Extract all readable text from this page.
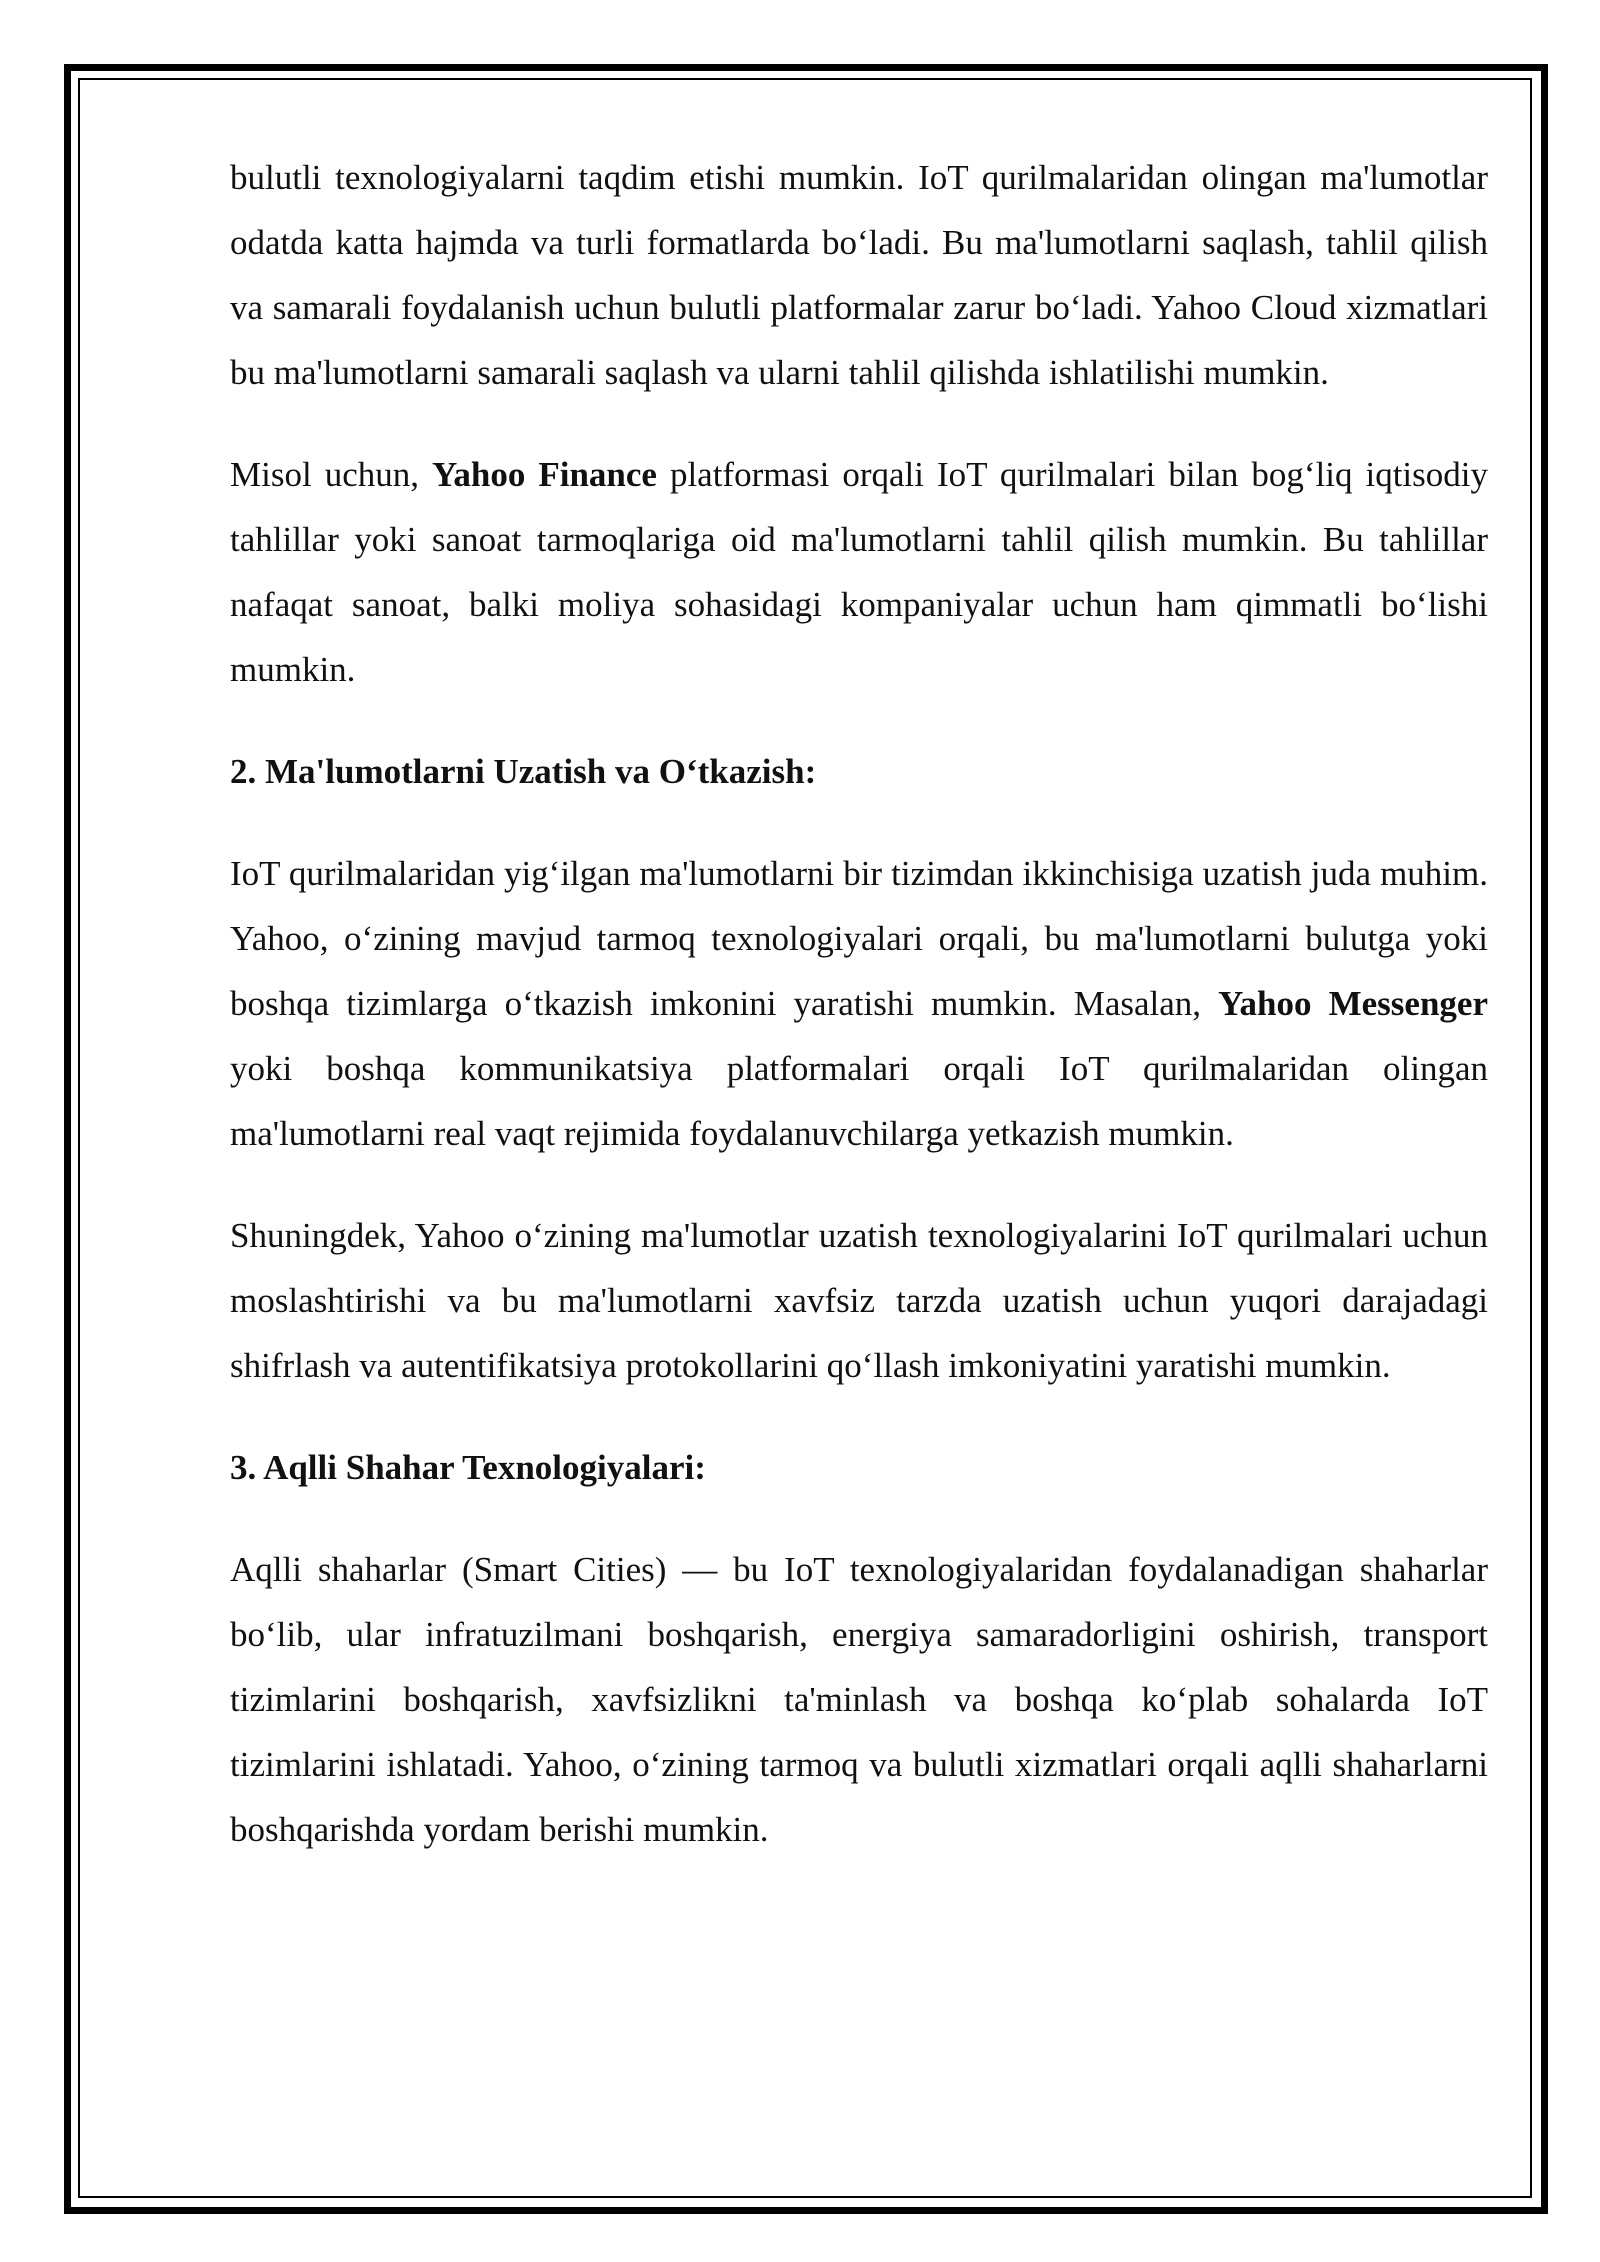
bulutli texnologiyalarni taqdim etishi mumkin. IoT qurilmalaridan olingan ma'lumotlar odatda katta hajmda va turli formatlarda boʻladi. Bu ma'lumotlarni saqlash, tahlil qilish va samarali foydalanish uchun bulutli platformalar zarur boʻladi. Yahoo Cloud xizmatlari bu ma'lumotlarni samarali saqlash va ularni tahlil qilishda ishlatilishi mumkin.

Misol uchun, Yahoo Finance platformasi orqali IoT qurilmalari bilan bogʻliq iqtisodiy tahlillar yoki sanoat tarmoqlariga oid ma'lumotlarni tahlil qilish mumkin. Bu tahlillar nafaqat sanoat, balki moliya sohasidagi kompaniyalar uchun ham qimmatli boʻlishi mumkin.

2. Ma'lumotlarni Uzatish va Oʻtkazish:

IoT qurilmalaridan yigʻilgan ma'lumotlarni bir tizimdan ikkinchisiga uzatish juda muhim. Yahoo, oʻzining mavjud tarmoq texnologiyalari orqali, bu ma'lumotlarni bulutga yoki boshqa tizimlarga oʻtkazish imkonini yaratishi mumkin. Masalan, Yahoo Messenger yoki boshqa kommunikatsiya platformalari orqali IoT qurilmalaridan olingan ma'lumotlarni real vaqt rejimida foydalanuvchilarga yetkazish mumkin.

Shuningdek, Yahoo oʻzining ma'lumotlar uzatish texnologiyalarini IoT qurilmalari uchun moslashtirishi va bu ma'lumotlarni xavfsiz tarzda uzatish uchun yuqori darajadagi shifrlash va autentifikatsiya protokollarini qoʻllash imkoniyatini yaratishi mumkin.

3. Aqlli Shahar Texnologiyalari:

Aqlli shaharlar (Smart Cities) — bu IoT texnologiyalaridan foydalanadigan shaharlar boʻlib, ular infratuzilmani boshqarish, energiya samaradorligini oshirish, transport tizimlarini boshqarish, xavfsizlikni ta'minlash va boshqa koʻplab sohalarda IoT tizimlarini ishlatadi. Yahoo, oʻzining tarmoq va bulutli xizmatlari orqali aqlli shaharlarni boshqarishda yordam berishi mumkin.
